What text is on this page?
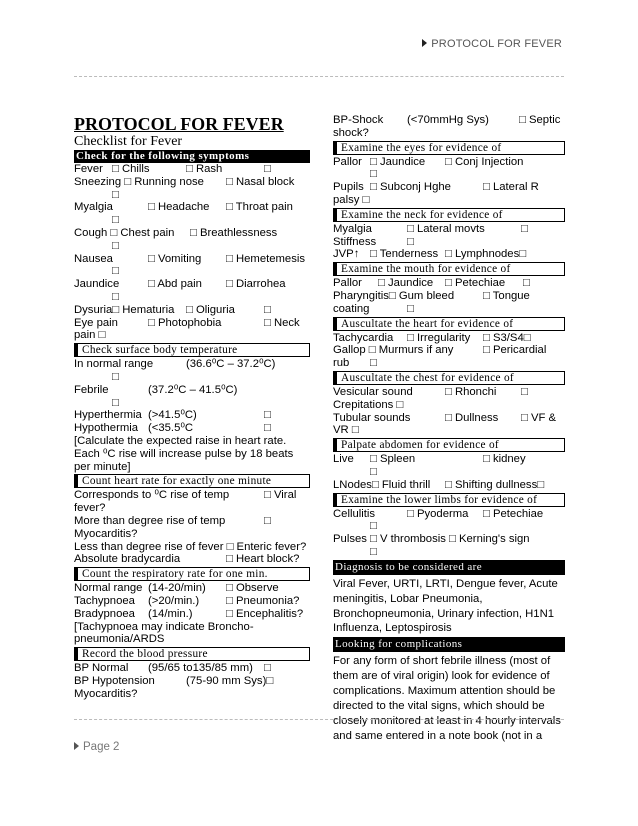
PROTOCOL FOR FEVER
PROTOCOL FOR FEVER
Checklist for Fever
Check for the following symptoms
Fever □ Chills	□ Rash	□
Sneezing □ Running nose □ Nasal block
□
Myalgia	□ Headache □ Throat pain
□
Cough □ Chest pain □ Breathlessness
□
Nausea	□ Vomiting □ Hemetemesis
□
Jaundice	□ Abd pain □ Diarrohea
□
Dysuria□ Hematuria □ Oliguria	□
Eye pain	□ Photophobia	□ Neck
pain □
Check surface body temperature
In normal range	(36.6⁰C – 37.2⁰C)
□
Febrile	(37.2⁰C – 41.5⁰C)
□
Hyperthermia (>41.5⁰C)	□
Hypothermia (<35.5⁰C	□
[Calculate the expected raise in heart rate. Each ⁰C rise will increase pulse by 18 beats per minute]
Count heart rate for exactly one minute
Corresponds to ⁰C rise of temp	□ Viral
fever?
More than degree rise of temp	□
Myocarditis?
Less than degree rise of fever □ Enteric fever?
Absolute bradycardia	□ Heart block?
Count the respiratory rate for one min.
Normal range (14-20/min) □ Observe
Tachypnoea (>20/min.) □ Pneumonia?
Bradypnoea (14/min.)	□ Encephalitis?
[Tachypnoea may indicate Broncho-pneumonia/ARDS
Record the blood pressure
BP Normal (95/65 to135/85 mm) □
BP Hypotension	(75-90 mm Sys)□
Myocarditis?
BP-Shock (<70mmHg Sys)	□ Septic
shock?
Examine the eyes for evidence of
Pallor □ Jaundice □ Conj Injection
□
Pupils □ Subconj Hghe	□ Lateral R
palsy □
Examine the neck for evidence of
Myalgia	□ Lateral movts	□
Stiffness	□
JVP↑ □ Tenderness □ Lymphnodes□
Examine the mouth for evidence of
Pallor □ Jaundice □ Petechiae □
Pharyngitis□ Gum bleed	□ Tongue
coating	□
Auscultate the heart for evidence of
Tachycardia □ Irregularity □ S3/S4□
Gallop □ Murmurs if any	□ Pericardial
rub □
Auscultate the chest for evidence of
Vesicular sound	□ Rhonchi □
Crepitations □
Tubular sounds	□ Dullness □ VF &
VR □
Palpate abdomen for evidence of
Live □ Spleen	□ kidney
□
LNodes□ Fluid thrill □ Shifting dullness□
Examine the lower limbs for evidence of
Cellulitis	□ Pyoderma □ Petechiae
□
Pulses □ V thrombosis □ Kerning's sign
□
Diagnosis to be considered are
Viral Fever, URTI, LRTI, Dengue fever, Acute meningitis, Lobar Pneumonia, Bronchopneumonia, Urinary infection, H1N1 Influenza, Leptospirosis
Looking for complications
For any form of short febrile illness (most of them are of viral origin) look for evidence of complications. Maximum attention should be directed to the vital signs, which should be closely monitored at least in 4 hourly intervals and same entered in a note book (not in a
Page 2
